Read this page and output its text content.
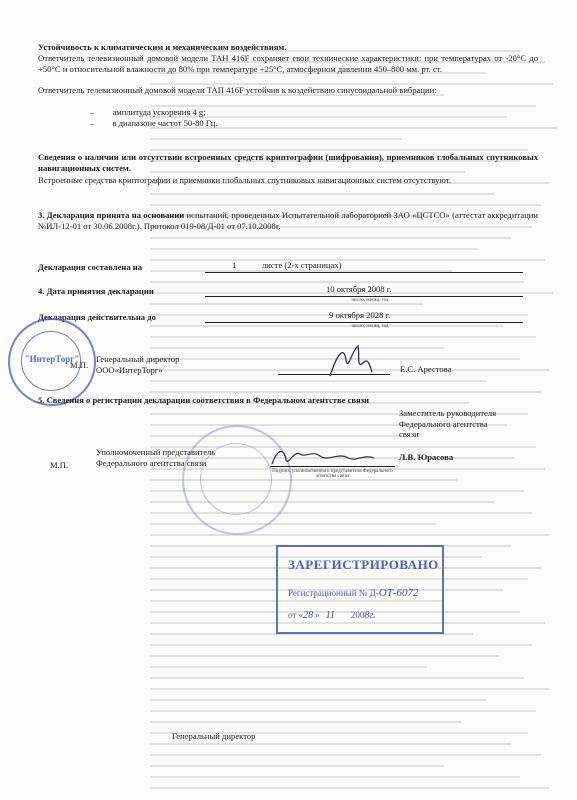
Устойчивость к климатическим и механическим воздействиям.
Ответчитель телевизионный домовой модели ТАН 416F сохраняет свои технические характеристики: при температурах от -20°С до +50°С и относительной влажности до 80% при температуре +25°С, атмосферном давлении 450–800 мм. рт. ст.
Ответчитель телевизионный домовой модели ТАП 416F устойчив к воздействию синусоидальной вибрации:
– амплитуда ускорения 4 g;
– в диапазоне частот 50-80 Гц.
Сведения о наличии или отсутствии встроенных средств криптографии (шифрования), приемников глобальных спутниковых навигационных систем.
Встроенные средства криптографии и приемники глобальных спутниковых навигационных систем отсутствуют.
3. Декларация принята на основании испытаний, проведенных Испытательной лабораторией ЗАО «ЦСТСО» (аттестат аккредитации №ИЛ-12-01 от 30.06.2008г.). Протокол 019-08/Д-01 от 07.10.2008г.
Декларация составлена на	1	листе (2-х страницах)
4. Дата принятия декларации	10 октября 2008 г.
число, месяц, год
Декларация действительна до	9 октября 2028 г.
число, месяц, год
"ИнтерТорг"
М.П.
Генеральный директор
ООО«ИнтерТорг»	Е.С. Арестова
5. Сведения о регистрации декларации соответствия в Федеральном агентстве связи
Заместитель руководителя Федерального агентства связи
Л.В. Юрасова
М.П.
Уполномоченный представитель Федерального агентства связи
Подпись уполномоченного представителя Федерального агентства связи
ЗАРЕГИСТРИРОВАНО
Регистрационный № Д-ОТ-6072
от «28 » 11 2008г.
Генеральный директор
